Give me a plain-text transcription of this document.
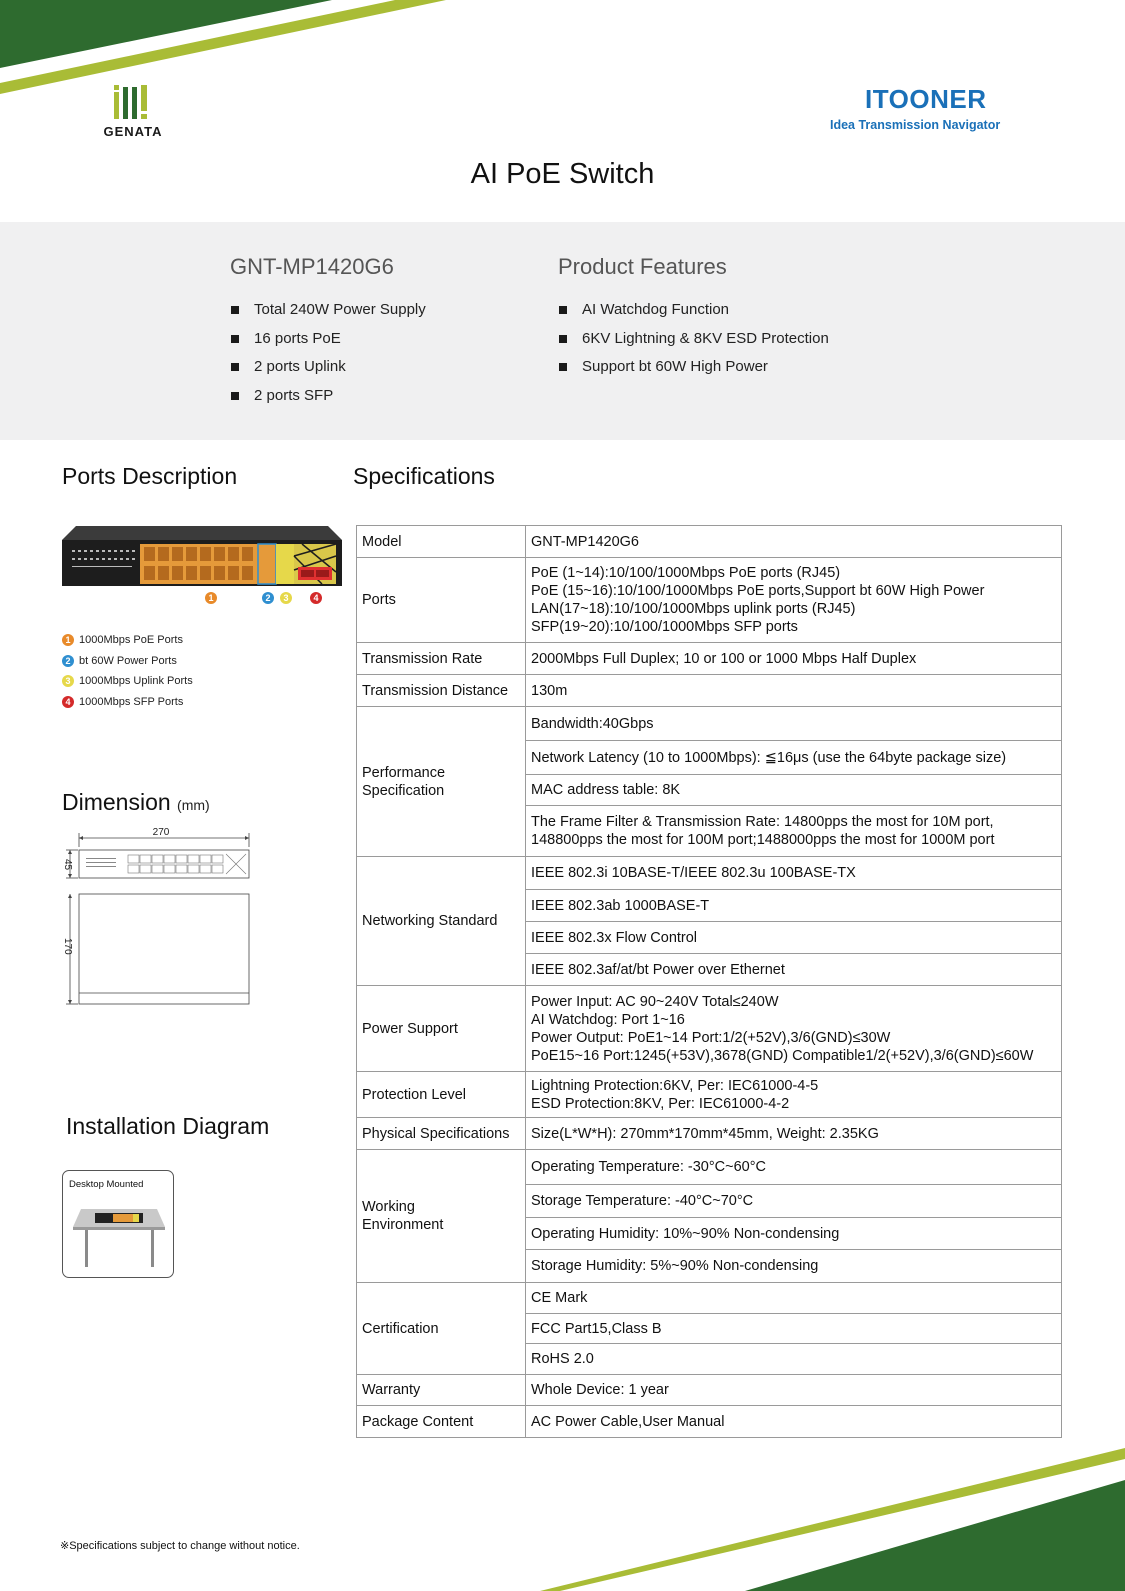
GENATA
ITOONER
Idea Transmission Navigator
AI PoE Switch
GNT-MP1420G6
Total 240W Power Supply
16 ports PoE
2 ports Uplink
2 ports SFP
Product Features
AI Watchdog Function
6KV Lightning & 8KV ESD Protection
Support bt 60W High Power
Ports Description	Specifications
1	2	3	4
1 1000Mbps PoE Ports
2 bt 60W Power Ports
3 1000Mbps Uplink Ports
4 1000Mbps SFP Ports
Dimension (mm)
270
45
170
Installation Diagram
Desktop Mounted
Model	GNT-MP1420G6
Ports	PoE (1~14):10/100/1000Mbps PoE ports (RJ45)
PoE (15~16):10/100/1000Mbps PoE ports,Support bt 60W High Power
LAN(17~18):10/100/1000Mbps uplink ports (RJ45)
SFP(19~20):10/100/1000Mbps SFP ports
Transmission Rate	2000Mbps Full Duplex; 10 or 100 or 1000 Mbps Half Duplex
Transmission Distance	130m
Performance
Specification	Bandwidth:40Gbps
	Network Latency (10 to 1000Mbps): ≦16μs (use the 64byte package size)
	MAC address table: 8K
	The Frame Filter & Transmission Rate: 14800pps the most for 10M port,
148800pps the most for 100M port;1488000pps the most for 1000M port
Networking Standard	IEEE 802.3i 10BASE-T/IEEE 802.3u 100BASE-TX
	IEEE 802.3ab 1000BASE-T
	IEEE 802.3x Flow Control
	IEEE 802.3af/at/bt Power over Ethernet
Power Support	Power Input: AC 90~240V Total≤240W
AI Watchdog: Port 1~16
Power Output: PoE1~14 Port:1/2(+52V),3/6(GND)≤30W
PoE15~16 Port:1245(+53V),3678(GND) Compatible1/2(+52V),3/6(GND)≤60W
Protection Level	Lightning Protection:6KV, Per: IEC61000-4-5
ESD Protection:8KV, Per: IEC61000-4-2
Physical Specifications	Size(L*W*H): 270mm*170mm*45mm, Weight: 2.35KG
Working
Environment	Operating Temperature: -30°C~60°C
	Storage Temperature: -40°C~70°C
	Operating Humidity: 10%~90% Non-condensing
	Storage Humidity: 5%~90% Non-condensing
Certification	CE Mark
	FCC Part15,Class B
	RoHS 2.0
Warranty	Whole Device: 1 year
Package Content	AC Power Cable,User Manual
※Specifications subject to change without notice.
